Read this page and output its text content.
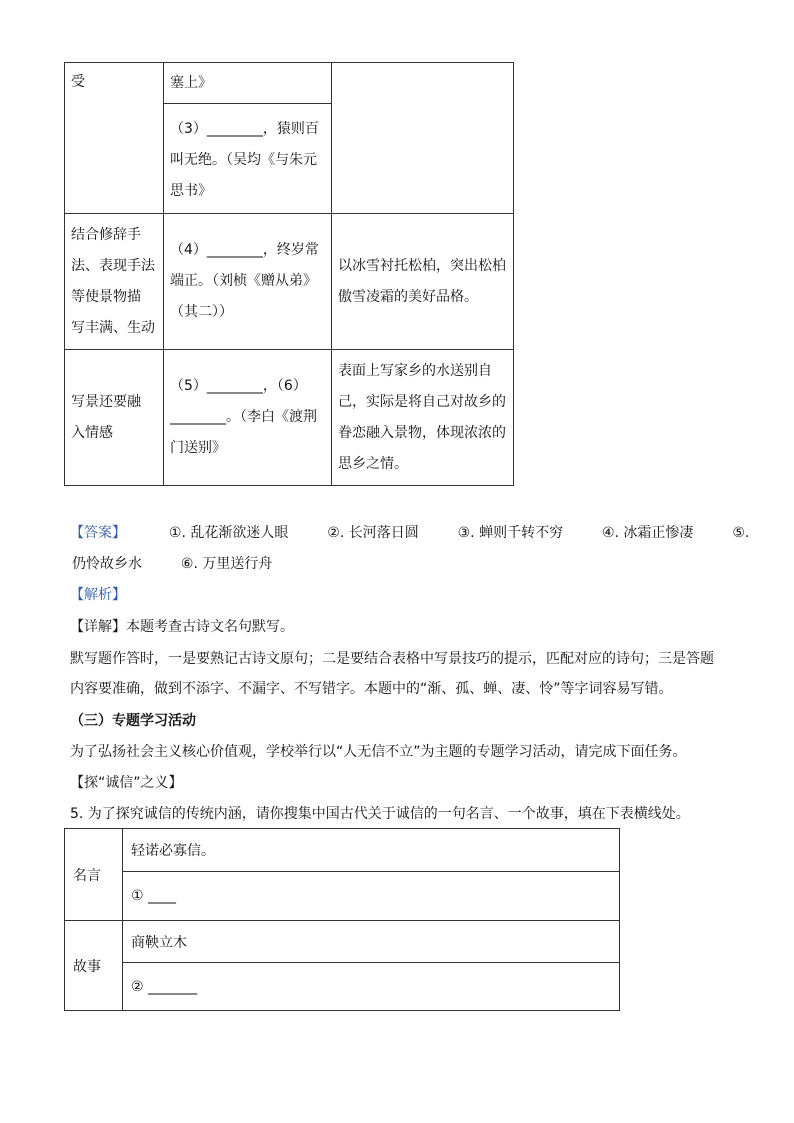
受	塞上》	

	（3）________，猿则百
叫无绝。（吴均《与朱元
思书》	

结合修辞手
法、表现手法
等使景物描
写丰满、生动	（4）________，终岁常
端正。（刘桢《赠从弟》
（其二））	以冰雪衬托松柏，突出松柏
傲雪凌霜的美好品格。

写景还要融
入情感	（5）________，（6）
________。（李白《渡荆
门送别》	表面上写家乡的水送别自
己，实际是将自己对故乡的
眷恋融入景物，体现浓浓的
思乡之情。
【答案】	①. 乱花渐欲迷人眼	②. 长河落日圆	③. 蝉则千转不穷	④. 冰霜正惨凄	⑤.
仍怜故乡水	⑥. 万里送行舟
【解析】
【详解】本题考查古诗文名句默写。
默写题作答时，一是要熟记古诗文原句；二是要结合表格中写景技巧的提示，匹配对应的诗句；三是答题
内容要准确，做到不添字、不漏字、不写错字。本题中的“渐、孤、蝉、凄、怜”等字词容易写错。
（三）专题学习活动
为了弘扬社会主义核心价值观，学校举行以“人无信不立”为主题的专题学习活动，请完成下面任务。
【探“诚信”之义】
5. 为了探究诚信的传统内涵，请你搜集中国古代关于诚信的一句名言、一个故事，填在下表横线处。
名言	轻诺必寡信。
	① ____
故事	商鞅立木
	② _______
